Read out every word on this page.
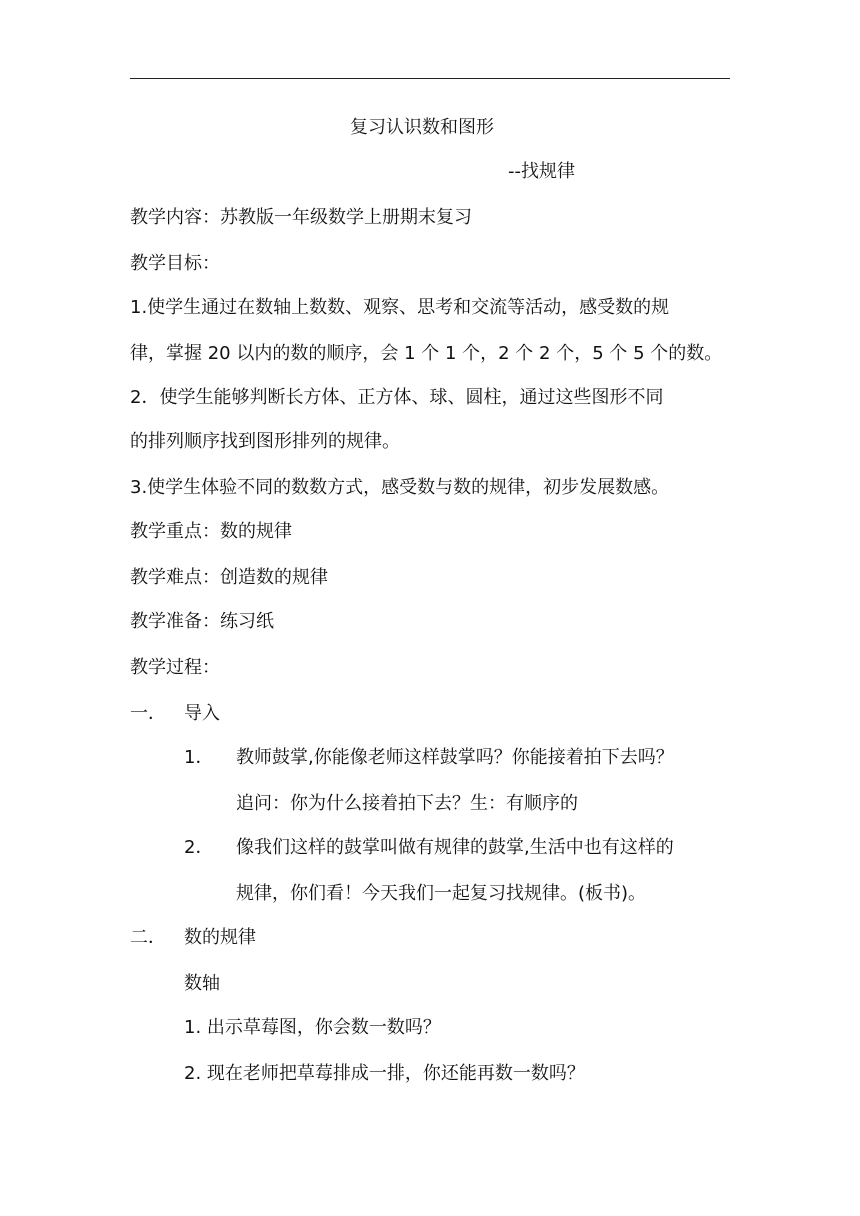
复习认识数和图形
--找规律
教学内容：苏教版一年级数学上册期末复习
教学目标：
1.使学生通过在数轴上数数、观察、思考和交流等活动，感受数的规
律，掌握 20 以内的数的顺序，会 1 个 1 个，2 个 2 个，5 个 5 个的数。
2．使学生能够判断长方体、正方体、球、圆柱，通过这些图形不同
的排列顺序找到图形排列的规律。
3.使学生体验不同的数数方式，感受数与数的规律，初步发展数感。
教学重点：数的规律
教学难点：创造数的规律
教学准备：练习纸
教学过程：
一． 导入
1． 教师鼓掌,你能像老师这样鼓掌吗？你能接着拍下去吗？
追问：你为什么接着拍下去？生：有顺序的
2． 像我们这样的鼓掌叫做有规律的鼓掌,生活中也有这样的
规律，你们看！今天我们一起复习找规律。(板书)。
二． 数的规律
数轴
1. 出示草莓图，你会数一数吗？
2. 现在老师把草莓排成一排，你还能再数一数吗？
